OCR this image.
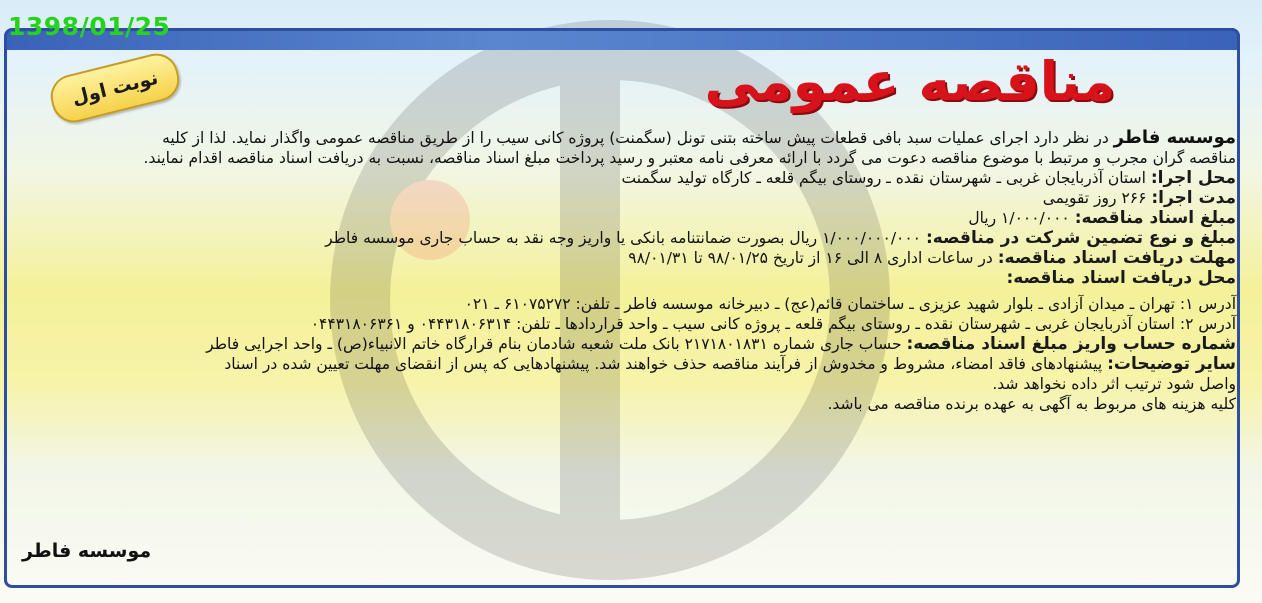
1398/01/25
نوبت اول	مناقصه عمومی
موسسه فاطر در نظر دارد اجرای عملیات سبد بافی قطعات پیش ساخته بتنی تونل (سگمنت) پروژه کانی سیب را از طریق مناقصه عمومی واگذار نماید. لذا از کلیه
مناقصه گران مجرب و مرتبط با موضوع مناقصه دعوت می گردد با ارائه معرفی نامه معتبر و رسید پرداخت مبلغ اسناد مناقصه، نسبت به دریافت اسناد مناقصه اقدام نمایند.
محل اجرا: استان آذربایجان غربی ـ شهرستان نقده ـ روستای بیگم قلعه ـ کارگاه تولید سگمنت
مدت اجرا: ۲۶۶ روز تقویمی
مبلغ اسناد مناقصه: ۱/۰۰۰/۰۰۰ ریال
مبلغ و نوع تضمین شرکت در مناقصه: ۱/۰۰۰/۰۰۰/۰۰۰ ریال بصورت ضمانتنامه بانکی یا واریز وجه نقد به حساب جاری موسسه فاطر
مهلت دریافت اسناد مناقصه: در ساعات اداری ۸ الی ۱۶ از تاریخ ۹۸/۰۱/۲۵ تا ۹۸/۰۱/۳۱
محل دریافت اسناد مناقصه:
آدرس ۱: تهران ـ میدان آزادی ـ بلوار شهید عزیزی ـ ساختمان قائم(عج) ـ دبیرخانه موسسه فاطر ـ تلفن: ۶۱۰۷۵۲۷۲ ـ ۰۲۱
آدرس ۲: استان آذربایجان غربی ـ شهرستان نقده ـ روستای بیگم قلعه ـ پروژه کانی سیب ـ واحد قراردادها ـ تلفن: ۰۴۴۳۱۸۰۶۳۱۴ و ۰۴۴۳۱۸۰۶۳۶۱
شماره حساب واریز مبلغ اسناد مناقصه: حساب جاری شماره ۲۱۷۱۸۰۱۸۳۱ بانک ملت شعبه شادمان بنام قرارگاه خاتم الانبیاء(ص) ـ واحد اجرایی فاطر
سایر توضیحات: پیشنهادهای فاقد امضاء، مشروط و مخدوش از فرآیند مناقصه حذف خواهند شد. پیشنهادهایی که پس از انقضای مهلت تعیین شده در اسناد
واصل شود ترتیب اثر داده نخواهد شد.
کلیه هزینه های مربوط به آگهی به عهده برنده مناقصه می باشد.
موسسه فاطر
